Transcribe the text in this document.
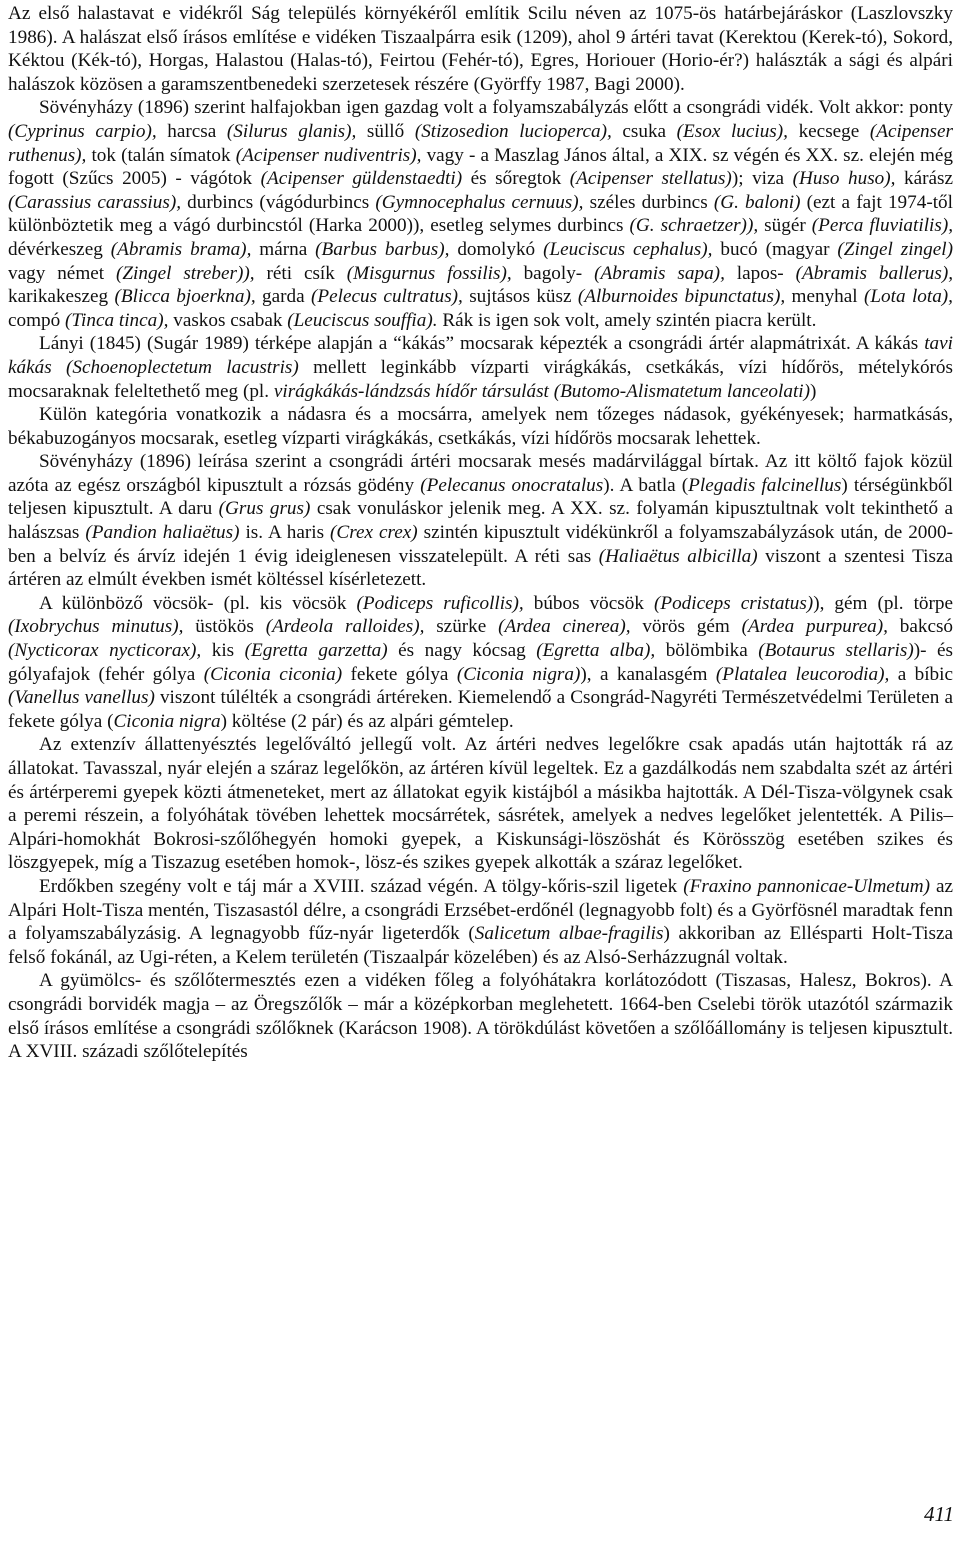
Az első halastavat e vidékről Ság település környékéről említik Scilu néven az 1075-ös határbejáráskor (Laszlovszky 1986). A halászat első írásos említése e vidéken Tiszaalpárra esik (1209), ahol 9 ártéri tavat (Kerektou (Kerek-tó), Sokord, Kéktou (Kék-tó), Horgas, Halastou (Halas-tó), Feirtou (Fehér-tó), Egres, Horiouer (Horio-ér?) halászták a sági és alpári halászok közösen a garamszentbenedeki szerzetesek részére (Györffy 1987, Bagi 2000).

Sövényházy (1896) szerint halfajokban igen gazdag volt a folyamszabályzás előtt a csongrádi vidék. Volt akkor: ponty (Cyprinus carpio), harcsa (Silurus glanis), süllő (Stizosedion lucioperca), csuka (Esox lucius), kecsege (Acipenser ruthenus), tok (talán símatok (Acipenser nudiventris), vagy - a Maszlag János által, a XIX. sz végén és XX. sz. elején még fogott (Szűcs 2005) - vágótok (Acipenser güldenstaedti) és sőregtok (Acipenser stellatus)); viza (Huso huso), kárász (Carassius carassius), durbincs (vágódurbincs (Gymnocephalus cernuus), széles durbincs (G. baloni) (ezt a fajt 1974-től különböztetik meg a vágó durbincstól (Harka 2000)), esetleg selymes durbincs (G. schraetzer)), sügér (Perca fluviatilis), dévérkeszeg (Abramis brama), márna (Barbus barbus), domolykó (Leuciscus cephalus), bucó (magyar (Zingel zingel) vagy német (Zingel streber)), réti csík (Misgurnus fossilis), bagoly- (Abramis sapa), lapos- (Abramis ballerus), karikakeszeg (Blicca bjoerkna), garda (Pelecus cultratus), sujtásos küsz (Alburnoides bipunctatus), menyhal (Lota lota), compó (Tinca tinca), vaskos csabak (Leuciscus souffia). Rák is igen sok volt, amely szintén piacra került.

Lányi (1845) (Sugár 1989) térképe alapján a “kákás” mocsarak képezték a csongrádi ártér alapmátrixát. A kákás tavi kákás (Schoenoplectetum lacustris) mellett leginkább vízparti virágkákás, csetkákás, vízi hídőrös, mételykórós mocsaraknak feleltethető meg (pl. virágkákás-lándzsás hídőr társulást (Butomo-Alismatetum lanceolati))

Külön kategória vonatkozik a nádasra és a mocsárra, amelyek nem tőzeges nádasok, gyékényesek; harmatkásás, békabuzogányos mocsarak, esetleg vízparti virágkákás, csetkákás, vízi hídőrös mocsarak lehettek.

Sövényházy (1896) leírása szerint a csongrádi ártéri mocsarak mesés madárvilággal bírtak. Az itt költő fajok közül azóta az egész országból kipusztult a rózsás gödény (Pelecanus onocratalus). A batla (Plegadis falcinellus) térségünkből teljesen kipusztult. A daru (Grus grus) csak vonuláskor jelenik meg. A XX. sz. folyamán kipusztultnak volt tekinthető a halászsas (Pandion haliaëtus) is. A haris (Crex crex) szintén kipusztult vidékünkről a folyamszabályzások után, de 2000-ben a belvíz és árvíz idején 1 évig ideiglenesen visszatelepült. A réti sas (Haliaëtus albicilla) viszont a szentesi Tisza ártéren az elmúlt években ismét költéssel kísérletezett.

A különböző vöcsök- (pl. kis vöcsök (Podiceps ruficollis), búbos vöcsök (Podiceps cristatus)), gém (pl. törpe (Ixobrychus minutus), üstökös (Ardeola ralloides), szürke (Ardea cinerea), vörös gém (Ardea purpurea), bakcsó (Nycticorax nycticorax), kis (Egretta garzetta) és nagy kócsag (Egretta alba), bölömbika (Botaurus stellaris))- és gólyafajok (fehér gólya (Ciconia ciconia) fekete gólya (Ciconia nigra)), a kanalasgém (Platalea leucorodia), a bíbic (Vanellus vanellus) viszont túlélték a csongrádi ártéreken. Kiemelendő a Csongrád-Nagyréti Természetvédelmi Területen a fekete gólya (Ciconia nigra) költése (2 pár) és az alpári gémtelep.

Az extenzív állattenyésztés legelőváltó jellegű volt. Az ártéri nedves legelőkre csak apadás után hajtották rá az állatokat. Tavasszal, nyár elején a száraz legelőkön, az ártéren kívül legeltek. Ez a gazdálkodás nem szabdalta szét az ártéri és ártérperemi gyepek közti átmeneteket, mert az állatokat egyik kistájból a másikba hajtották. A Dél-Tisza-völgynek csak a peremi részein, a folyóhátak tövében lehettek mocsárrétek, sásrétek, amelyek a nedves legelőket jelentették. A Pilis–Alpári-homokhát Bokrosi-szőlőhegyén homoki gyepek, a Kiskunsági-löszöshát és Körösszög esetében szikes és löszgyepek, míg a Tiszazug esetében homok-, lösz-és szikes gyepek alkották a száraz legelőket.

Erdőkben szegény volt e táj már a XVIII. század végén. A tölgy-kőris-szil ligetek (Fraxino pannonicae-Ulmetum) az Alpári Holt-Tisza mentén, Tiszasastól délre, a csongrádi Erzsébet-erdőnél (legnagyobb folt) és a Györfösnél maradtak fenn a folyamszabályzásig. A legnagyobb fűz-nyár ligeterdők (Salicetum albae-fragilis) akkoriban az Ellésparti Holt-Tisza felső fokánál, az Ugi-réten, a Kelem területén (Tiszaalpár közelében) és az Alsó-Serházzugnál voltak.

A gyümölcs- és szőlőtermesztés ezen a vidéken főleg a folyóhátakra korlátozódott (Tiszasas, Halesz, Bokros). A csongrádi borvidék magja – az Öregszőlők – már a középkorban meglehetett. 1664-ben Cselebi török utazótól származik első írásos említése a csongrádi szőlőknek (Karácson 1908). A törökdúlást követően a szőlőállomány is teljesen kipusztult. A XVIII. századi szőlőtelepítés

411
